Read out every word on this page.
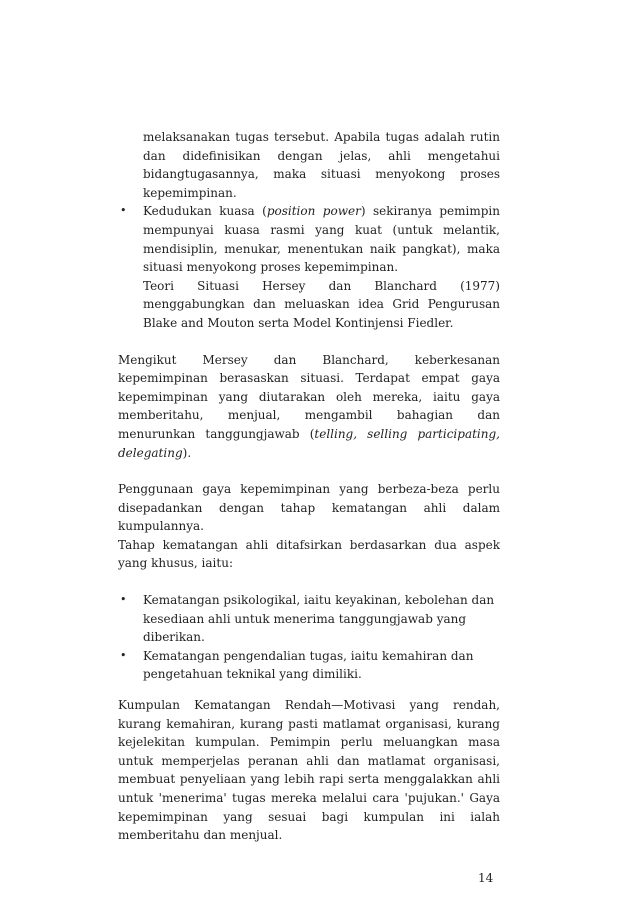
melaksanakan tugas tersebut. Apabila tugas adalah rutin
dan didefinisikan dengan jelas, ahli mengetahui
bidangtugasannya, maka situasi menyokong proses
kepemimpinan.
•	Kedudukan kuasa (position power) sekiranya pemimpin
mempunyai kuasa rasmi yang kuat (untuk melantik,
mendisiplin, menukar, menentukan naik pangkat), maka
situasi menyokong proses kepemimpinan.
Teori Situasi Hersey dan Blanchard (1977)
menggabungkan dan meluaskan idea Grid Pengurusan
Blake and Mouton serta Model Kontinjensi Fiedler.
Mengikut Mersey dan Blanchard, keberkesanan
kepemimpinan berasaskan situasi. Terdapat empat gaya
kepemimpinan yang diutarakan oleh mereka, iaitu gaya
memberitahu, menjual, mengambil bahagian dan
menurunkan tanggungjawab (telling, selling participating,
delegating).
Penggunaan gaya kepemimpinan yang berbeza-beza perlu
disepadankan dengan tahap kematangan ahli dalam
kumpulannya.
Tahap kematangan ahli ditafsirkan berdasarkan dua aspek
yang khusus, iaitu:
•	Kematangan psikologikal, iaitu keyakinan, kebolehan dan
kesediaan ahli untuk menerima tanggungjawab yang
diberikan.
•	Kematangan pengendalian tugas, iaitu kemahiran dan
pengetahuan teknikal yang dimiliki.
Kumpulan Kematangan Rendah—Motivasi yang rendah,
kurang kemahiran, kurang pasti matlamat organisasi, kurang
kejelekitan kumpulan. Pemimpin perlu meluangkan masa
untuk memperjelas peranan ahli dan matlamat organisasi,
membuat penyeliaan yang lebih rapi serta menggalakkan ahli
untuk 'menerima' tugas mereka melalui cara 'pujukan.' Gaya
kepemimpinan yang sesuai bagi kumpulan ini ialah
memberitahu dan menjual.
14
